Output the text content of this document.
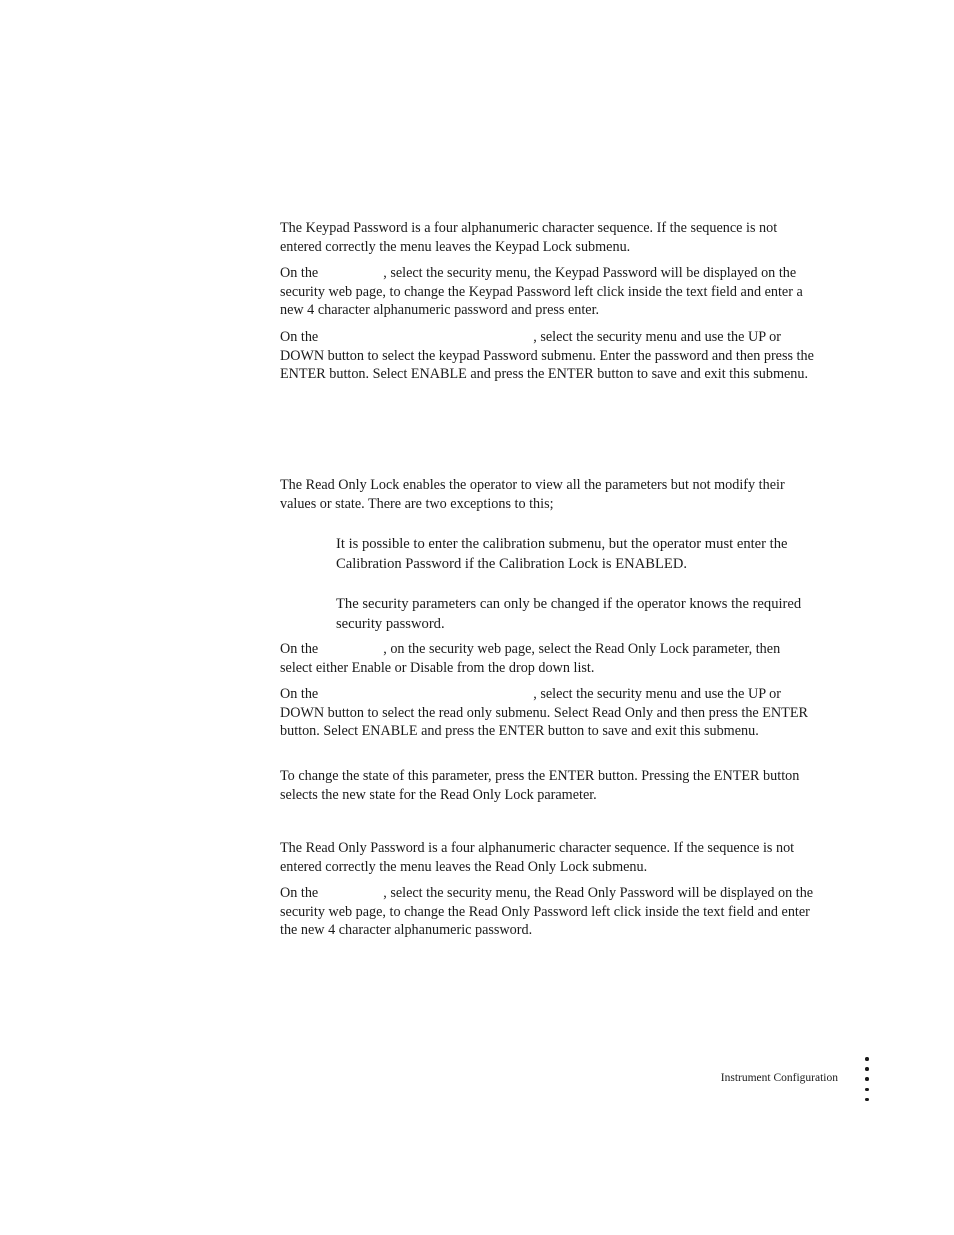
The Keypad Password is a four alphanumeric character sequence. If the sequence is not entered correctly the menu leaves the Keypad Lock submenu.

On the	, select the security menu, the Keypad Password will be displayed on the security web page, to change the Keypad Password left click inside the text field and enter a new 4 character alphanumeric password and press enter.

On the	, select the security menu and use the UP or DOWN button to select the keypad Password submenu. Enter the password and then press the ENTER button. Select ENABLE and press the ENTER button to save and exit this submenu.

The Read Only Lock enables the operator to view all the parameters but not modify their values or state. There are two exceptions to this;

It is possible to enter the calibration submenu, but the operator must enter the Calibration Password if the Calibration Lock is ENABLED.

The security parameters can only be changed if the operator knows the required security password.

On the	, on the security web page, select the Read Only Lock parameter, then select either Enable or Disable from the drop down list.

On the	, select the security menu and use the UP or DOWN button to select the read only submenu. Select Read Only and then press the ENTER button. Select ENABLE and press the ENTER button to save and exit this submenu.

To change the state of this parameter, press the ENTER button. Pressing the ENTER button selects the new state for the Read Only Lock parameter.

The Read Only Password is a four alphanumeric character sequence. If the sequence is not entered correctly the menu leaves the Read Only Lock submenu.

On the	, select the security menu, the Read Only Password will be displayed on the security web page, to change the Read Only Password left click inside the text field and enter the new 4 character alphanumeric password.

Instrument Configuration
